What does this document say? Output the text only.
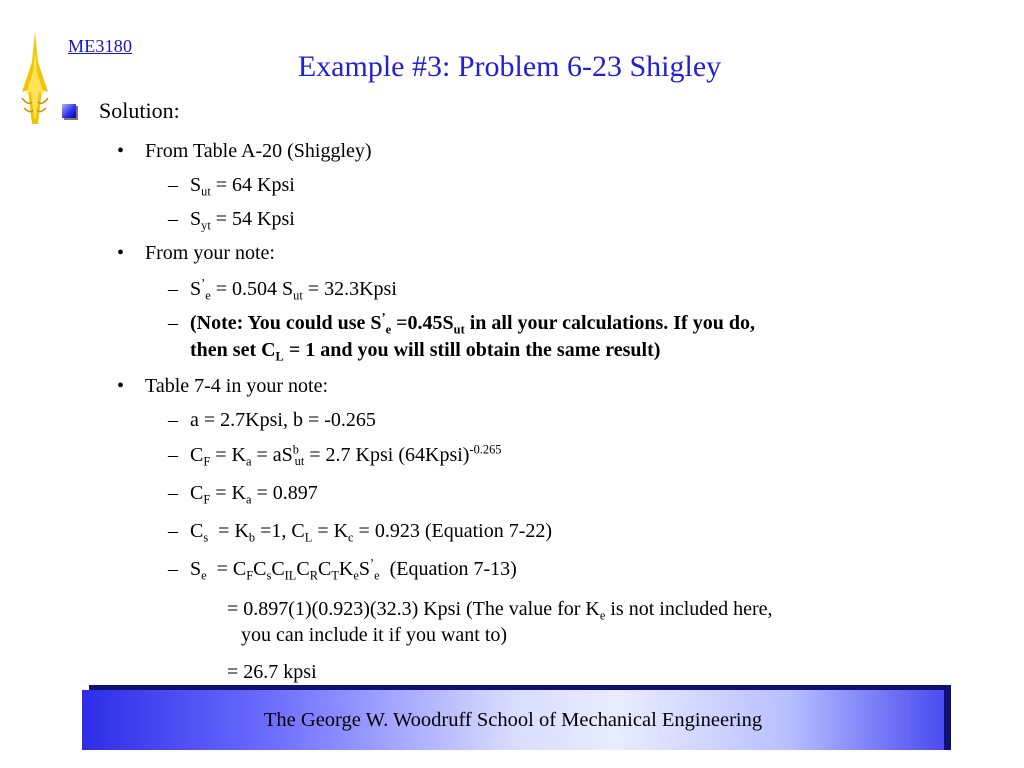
ME3180
Example #3: Problem 6-23 Shigley
Solution:
• From Table A-20 (Shiggley)
– $S_{ut} = 64$ Kpsi
– $S_{yt} = 54$ Kpsi
• From your note:
– $S^’_e = 0.504$ $S_{ut}$ = 32.3Kpsi
– (Note: You could use $S^’_e =0.45S_{ut}$ in all your calculations. If you do,
then set $C_L = 1$ and you will still obtain the same result)
• Table 7-4 in your note:
– a = 2.7Kpsi, b = -0.265
– $C_F = K_a = aS^b_{ut} = 2.7$ Kpsi (64Kpsi)$^{-0.265}$
– $C_F = K_a = 0.897$
– $C_s = K_b =1$, $C_L = K_c = 0.923$ (Equation 7-22)
– $S_e = C_FC_sC_{IL}C_RC_TK_eS^’_e$  (Equation 7-13)
= 0.897(1)(0.923)(32.3) Kpsi (The value for $K_e$ is not included here,
you can include it if you want to)
= 26.7 kpsi
The George W. Woodruff School of Mechanical Engineering
